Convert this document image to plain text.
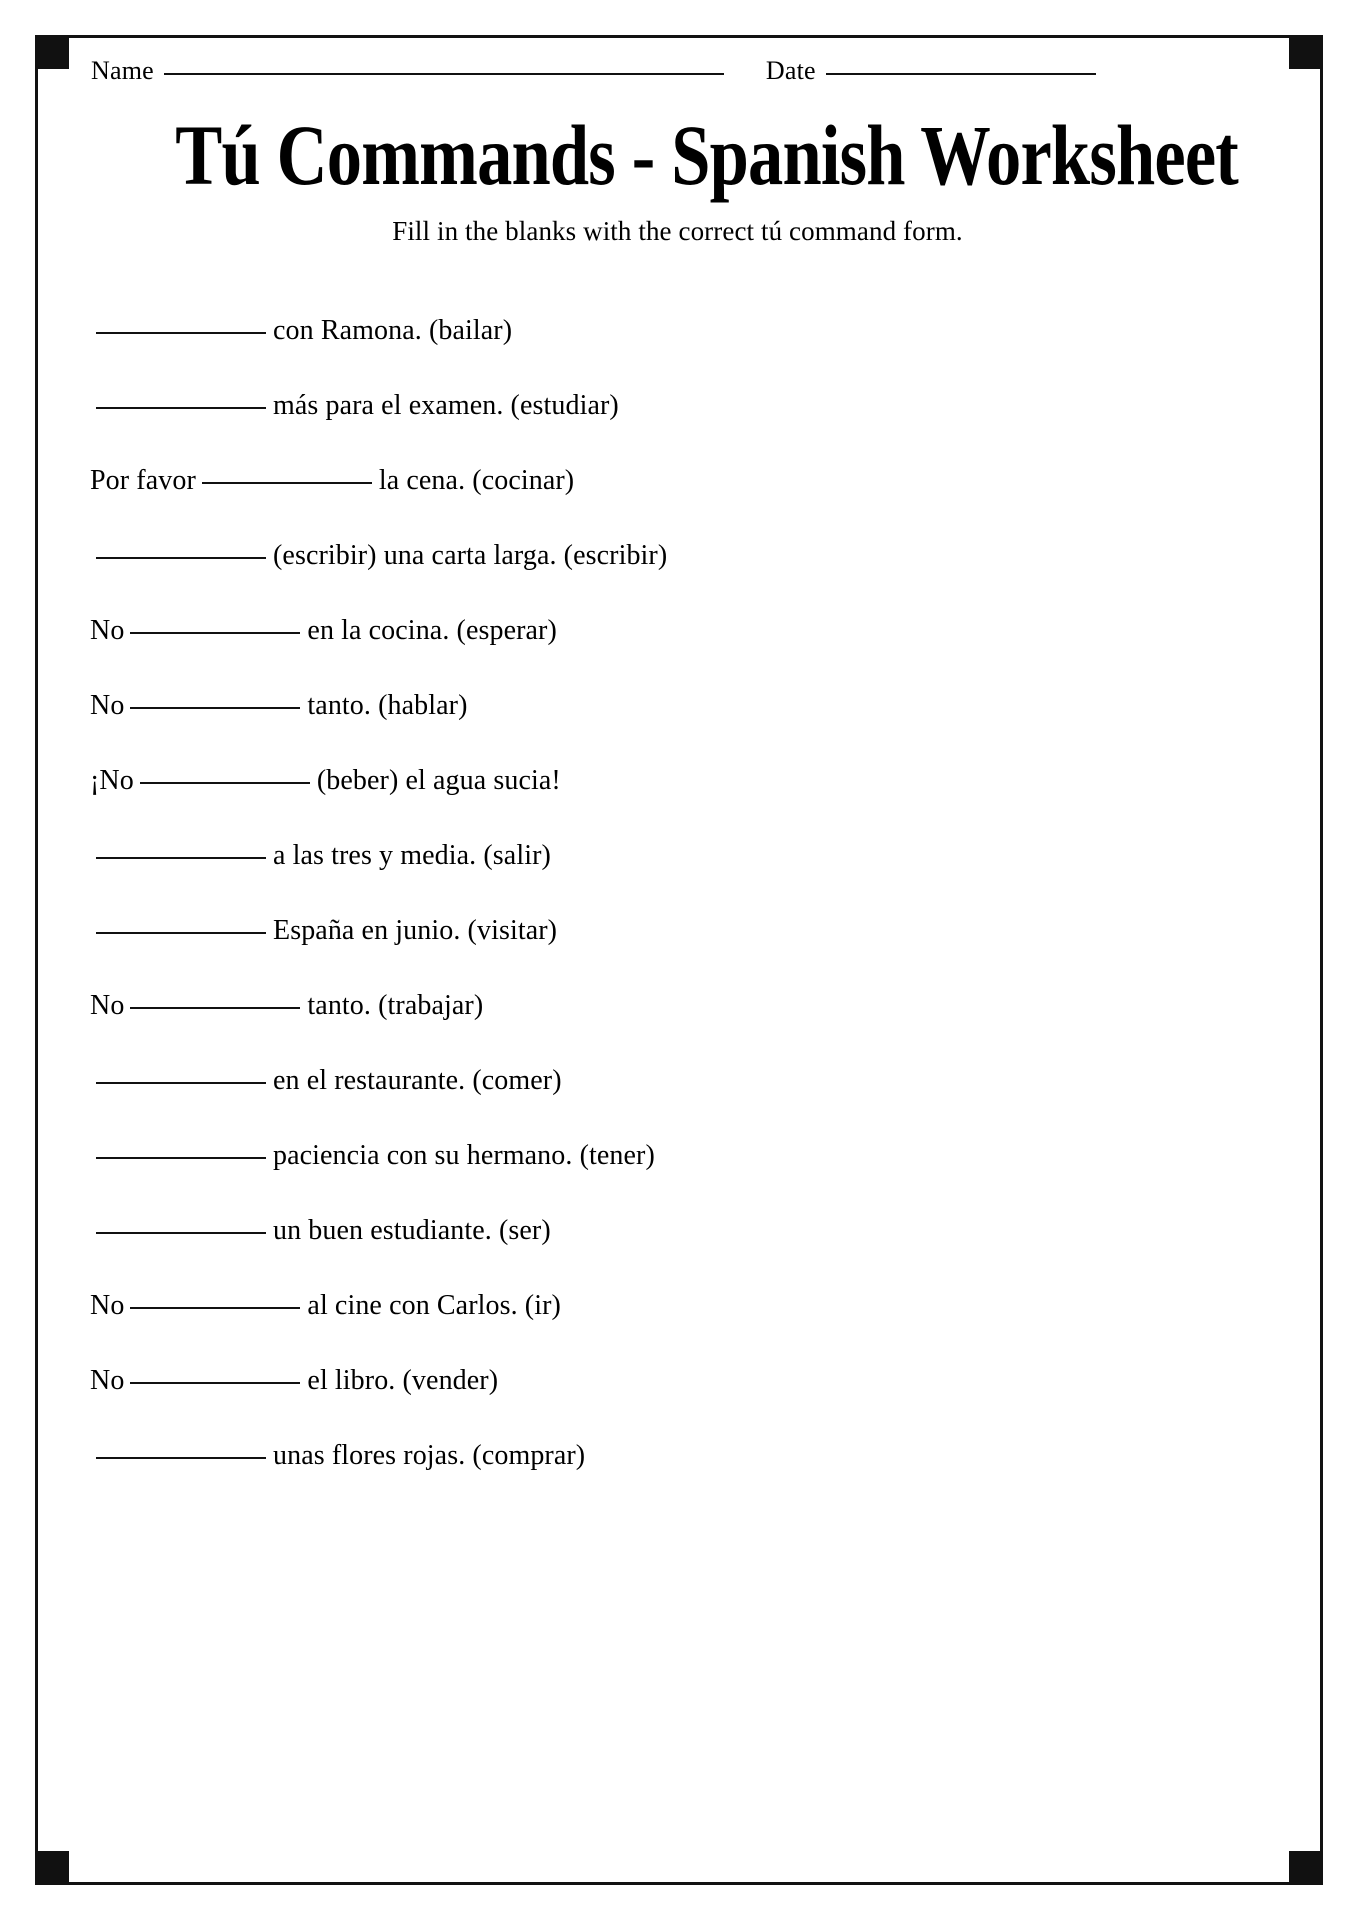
Name	Date
Tú Commands - Spanish Worksheet
Fill in the blanks with the correct tú command form.
con Ramona. (bailar)
más para el examen. (estudiar)
Por favor	la cena. (cocinar)
(escribir) una carta larga. (escribir)
No	en la cocina. (esperar)
No	tanto. (hablar)
¡No	(beber) el agua sucia!
a las tres y media. (salir)
España en junio. (visitar)
No	tanto. (trabajar)
en el restaurante. (comer)
paciencia con su hermano. (tener)
un buen estudiante. (ser)
No	al cine con Carlos. (ir)
No	el libro. (vender)
unas flores rojas. (comprar)
